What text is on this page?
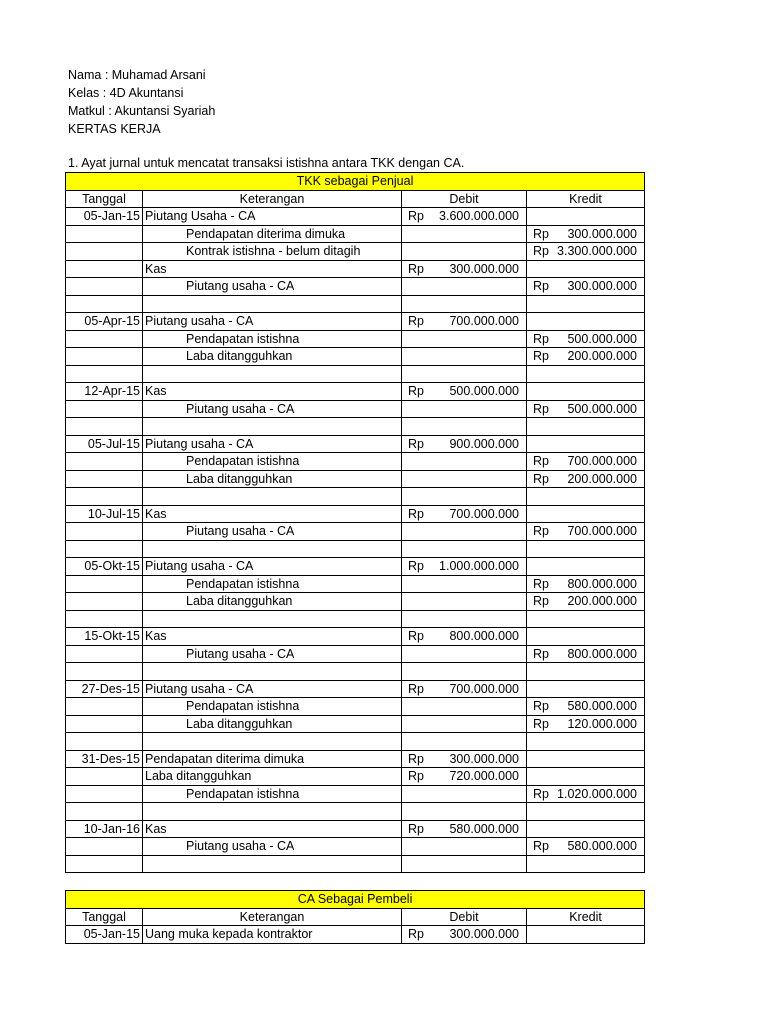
Nama : Muhamad Arsani
Kelas : 4D Akuntansi
Matkul : Akuntansi Syariah
KERTAS KERJA
1. Ayat jurnal untuk mencatat transaksi istishna antara TKK dengan CA.
TKK sebagai Penjual			
Tanggal	Keterangan	Debit	Kredit
05-Jan-15	Piutang Usaha - CA	Rp 3.600.000.000	

	Pendapatan diterima dimuka		Rp 300.000.000

	Kontrak istishna - belum ditagih		Rp 3.300.000.000

	Kas	Rp 300.000.000	

	Piutang usaha - CA		Rp 300.000.000

05-Apr-15	Piutang usaha - CA	Rp 700.000.000	

	Pendapatan istishna		Rp 500.000.000

	Laba ditangguhkan		Rp 200.000.000

12-Apr-15	Kas	Rp 500.000.000	

	Piutang usaha - CA		Rp 500.000.000

05-Jul-15	Piutang usaha - CA	Rp 900.000.000	

	Pendapatan istishna		Rp 700.000.000

	Laba ditangguhkan		Rp 200.000.000

10-Jul-15	Kas	Rp 700.000.000	

	Piutang usaha - CA		Rp 700.000.000

05-Okt-15	Piutang usaha - CA	Rp 1.000.000.000	

	Pendapatan istishna		Rp 800.000.000

	Laba ditangguhkan		Rp 200.000.000

15-Okt-15	Kas	Rp 800.000.000	

	Piutang usaha - CA		Rp 800.000.000

27-Des-15	Piutang usaha - CA	Rp 700.000.000	

	Pendapatan istishna		Rp 580.000.000

	Laba ditangguhkan		Rp 120.000.000

31-Des-15	Pendapatan diterima dimuka	Rp 300.000.000	

	Laba ditangguhkan	Rp 720.000.000	

	Pendapatan istishna		Rp 1.020.000.000

10-Jan-16	Kas	Rp 580.000.000	

	Piutang usaha - CA		Rp 580.000.000

CA Sebagai Pembeli			
Tanggal	Keterangan	Debit	Kredit
05-Jan-15	Uang muka kepada kontraktor	Rp 300.000.000	
